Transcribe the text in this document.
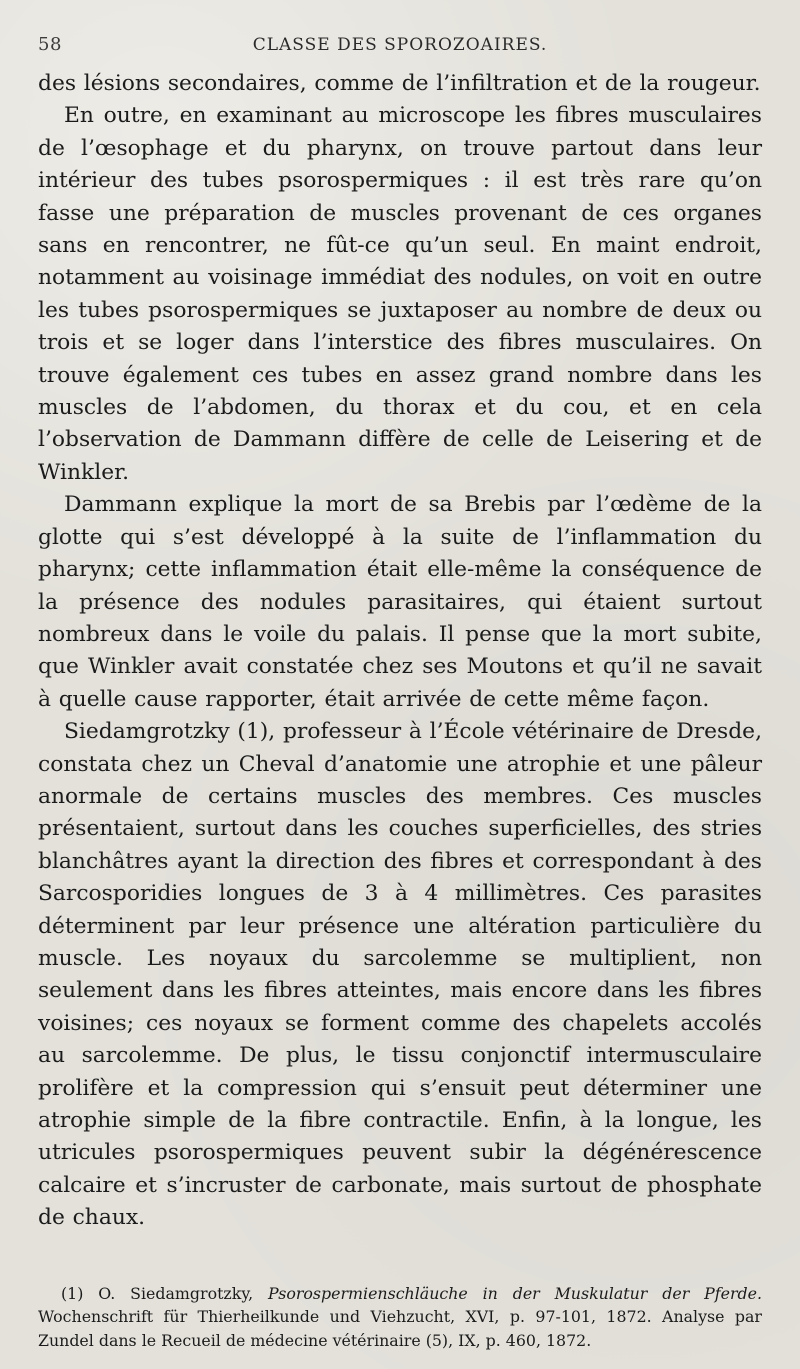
58	CLASSE DES SPOROZOAIRES.

des lésions secondaires, comme de l’infiltration et de la rougeur.

En outre, en examinant au microscope les fibres musculaires de l’œsophage et du pharynx, on trouve partout dans leur intérieur des tubes psorospermiques : il est très rare qu’on fasse une préparation de muscles provenant de ces organes sans en rencontrer, ne fût-ce qu’un seul. En maint endroit, notamment au voisinage immédiat des nodules, on voit en outre les tubes psorospermiques se juxtaposer au nombre de deux ou trois et se loger dans l’interstice des fibres musculaires. On trouve également ces tubes en assez grand nombre dans les muscles de l’abdomen, du thorax et du cou, et en cela l’observation de Dammann diffère de celle de Leisering et de Winkler.

Dammann explique la mort de sa Brebis par l’œdème de la glotte qui s’est développé à la suite de l’inflammation du pharynx; cette inflammation était elle-même la conséquence de la présence des nodules parasitaires, qui étaient surtout nombreux dans le voile du palais. Il pense que la mort subite, que Winkler avait constatée chez ses Moutons et qu’il ne savait à quelle cause rapporter, était arrivée de cette même façon.

Siedamgrotzky (1), professeur à l’École vétérinaire de Dresde, constata chez un Cheval d’anatomie une atrophie et une pâleur anormale de certains muscles des membres. Ces muscles présentaient, surtout dans les couches superficielles, des stries blanchâtres ayant la direction des fibres et correspondant à des Sarcosporidies longues de 3 à 4 millimètres. Ces parasites déterminent par leur présence une altération particulière du muscle. Les noyaux du sarcolemme se multiplient, non seulement dans les fibres atteintes, mais encore dans les fibres voisines; ces noyaux se forment comme des chapelets accolés au sarcolemme. De plus, le tissu conjonctif intermusculaire prolifère et la compression qui s’ensuit peut déterminer une atrophie simple de la fibre contractile. Enfin, à la longue, les utricules psorospermiques peuvent subir la dégénérescence calcaire et s’incruster de carbonate, mais surtout de phosphate de chaux.

(1) O. Siedamgrotzky, Psorospermienschläuche in der Muskulatur der Pferde. Wochenschrift für Thierheilkunde und Viehzucht, XVI, p. 97-101, 1872. Analyse par Zundel dans le Recueil de médecine vétérinaire (5), IX, p. 460, 1872.
